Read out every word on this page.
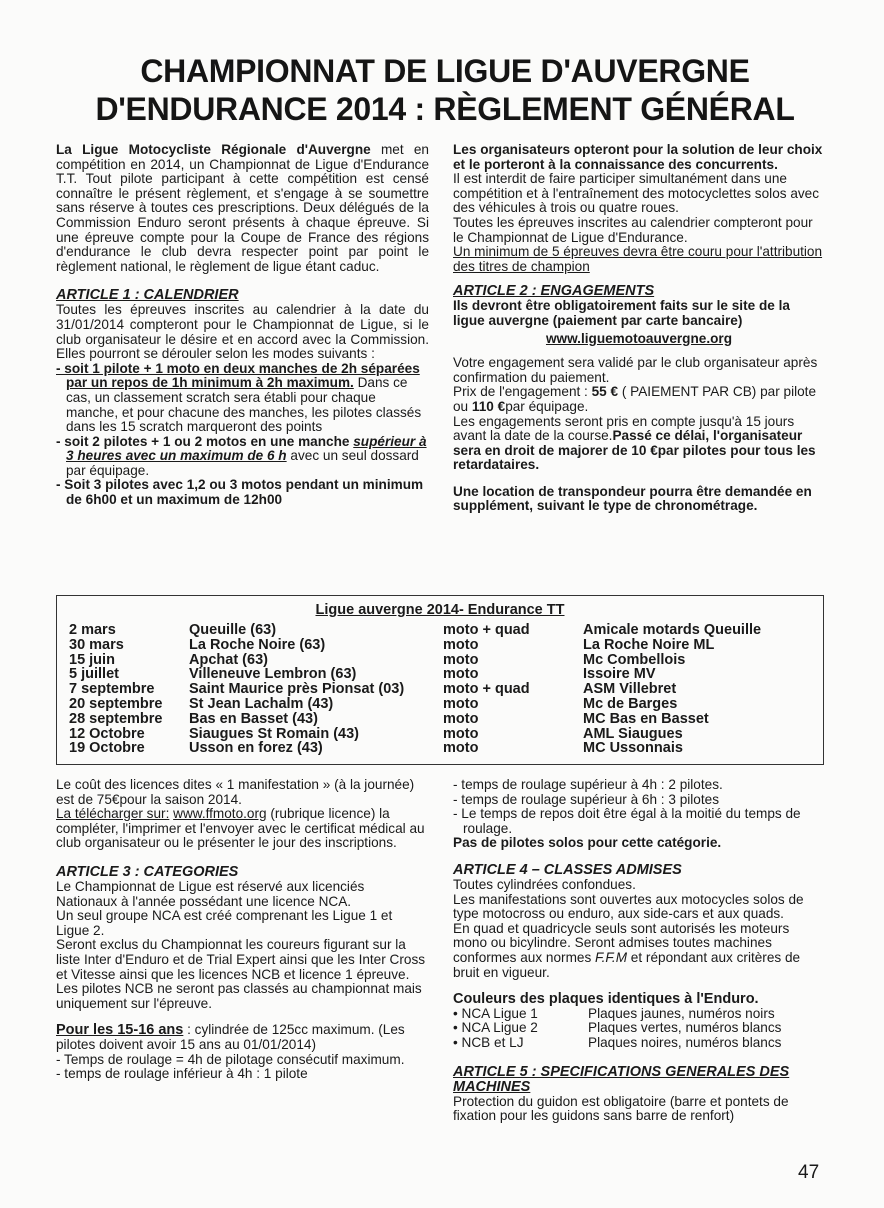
CHAMPIONNAT DE LIGUE D'AUVERGNE
D'ENDURANCE 2014 : RÈGLEMENT GÉNÉRAL

La Ligue Motocycliste Régionale d'Auvergne met en compétition en 2014, un Championnat de Ligue d'Endurance T.T. Tout pilote participant à cette compétition est censé connaître le présent règlement, et s'engage à se soumettre sans réserve à toutes ces prescriptions. Deux délégués de la Commission Enduro seront présents à chaque épreuve. Si une épreuve compte pour la Coupe de France des régions d'endurance le club devra respecter point par point le règlement national, le règlement de ligue étant caduc.

ARTICLE 1 : CALENDRIER

Toutes les épreuves inscrites au calendrier à la date du 31/01/2014 compteront pour le Championnat de Ligue, si le club organisateur le désire et en accord avec la Commission. Elles pourront se dérouler selon les modes suivants :

- soit 1 pilote + 1 moto en deux manches de 2h séparées par un repos de 1h minimum à 2h maximum. Dans ce cas, un classement scratch sera établi pour chaque manche, et pour chacune des manches, les pilotes classés dans les 15 scratch marqueront des points
- soit 2 pilotes + 1 ou 2 motos en une manche supérieur à 3 heures avec un maximum de 6 h avec un seul dossard par équipage.
- Soit 3 pilotes avec 1,2 ou 3 motos pendant un minimum de 6h00 et un maximum de 12h00
Les organisateurs opteront pour la solution de leur choix et le porteront à la connaissance des concurrents.
Il est interdit de faire participer simultanément dans une compétition et à l'entraînement des motocyclettes solos avec des véhicules à trois ou quatre roues.
Toutes les épreuves inscrites au calendrier compteront pour le Championnat de Ligue d'Endurance.
Un minimum de 5 épreuves devra être couru pour l'attribution des titres de champion
ARTICLE 2 : ENGAGEMENTS
Ils devront être obligatoirement faits sur le site de la ligue auvergne (paiement par carte bancaire)
www.liguemotoauvergne.org
Votre engagement sera validé par le club organisateur après confirmation du paiement.
Prix de l'engagement : 55 € ( PAIEMENT PAR CB) par pilote ou 110 €par équipage.
Les engagements seront pris en compte jusqu'à 15 jours avant la date de la course.Passé ce délai, l'organisateur sera en droit de majorer de 10 €par pilotes pour tous les retardataires.
Une location de transpondeur pourra être demandée en supplément, suivant le type de chronométrage.
Ligue auvergne 2014- Endurance TT
2 mars	Queuille (63)	moto + quad	Amicale motards Queuille
30 mars	La Roche Noire (63)	moto	La Roche Noire ML
15 juin	Apchat (63)	moto	Mc Combellois
5 juillet	Villeneuve Lembron (63)	moto	Issoire MV
7 septembre	Saint Maurice près Pionsat (03)	moto + quad	ASM Villebret
20 septembre	St Jean Lachalm (43)	moto	Mc de Barges
28 septembre	Bas en Basset (43)	moto	MC Bas en Basset
12 Octobre	Siaugues St Romain (43)	moto	AML Siaugues
19 Octobre	Usson en forez (43)	moto	MC Ussonnais
Le coût des licences dites « 1 manifestation » (à la journée) est de 75€pour la saison 2014.
La télécharger sur: www.ffmoto.org (rubrique licence) la compléter, l'imprimer et l'envoyer avec le certificat médical au club organisateur ou le présenter le jour des inscriptions.
ARTICLE 3 : CATEGORIES
Le Championnat de Ligue est réservé aux licenciés Nationaux à l'année possédant une licence NCA.
Un seul groupe NCA est créé comprenant les Ligue 1 et Ligue 2.
Seront exclus du Championnat les coureurs figurant sur la liste Inter d'Enduro et de Trial Expert ainsi que les Inter Cross et Vitesse ainsi que les licences NCB et licence 1 épreuve.
Les pilotes NCB ne seront pas classés au championnat mais uniquement sur l'épreuve.
Pour les 15-16 ans : cylindrée de 125cc maximum. (Les pilotes doivent avoir 15 ans au 01/01/2014)
- Temps de roulage = 4h de pilotage consécutif maximum.
- temps de roulage inférieur à 4h : 1 pilote
- temps de roulage supérieur à 4h : 2 pilotes.
- temps de roulage supérieur à 6h : 3 pilotes
- Le temps de repos doit être égal à la moitié du temps de roulage.
Pas de pilotes solos pour cette catégorie.
ARTICLE 4 – CLASSES ADMISES
Toutes cylindrées confondues.
Les manifestations sont ouvertes aux motocycles solos de type motocross ou enduro, aux side-cars et aux quads.
En quad et quadricycle seuls sont autorisés les moteurs mono ou bicylindre. Seront admises toutes machines conformes aux normes F.F.M et répondant aux critères de bruit en vigueur.
Couleurs des plaques identiques à l'Enduro.
• NCA Ligue 1	Plaques jaunes, numéros noirs
• NCA Ligue 2	Plaques vertes, numéros blancs
• NCB et LJ	Plaques noires, numéros blancs
ARTICLE 5 : SPECIFICATIONS GENERALES DES MACHINES
Protection du guidon est obligatoire (barre et pontets de fixation pour les guidons sans barre de renfort)
47
